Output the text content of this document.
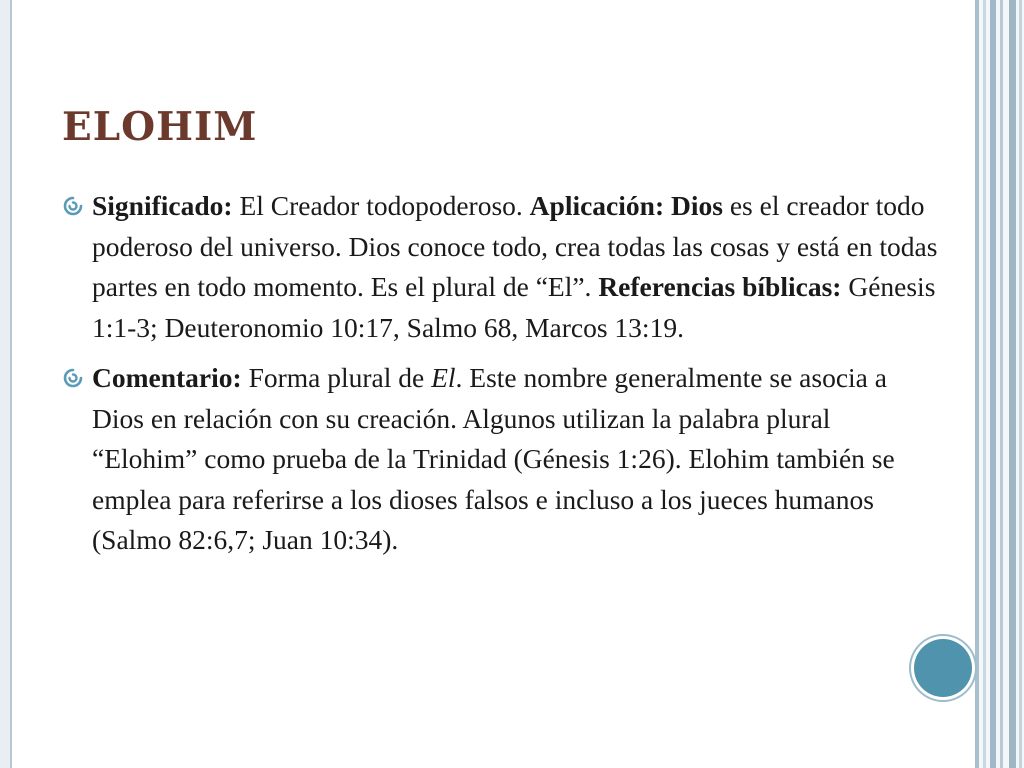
ELOHIM
Significado: El Creador todopoderoso. Aplicación: Dios es el creador todo poderoso del universo. Dios conoce todo, crea todas las cosas y está en todas partes en todo momento. Es el plural de “El”. Referencias bíblicas: Génesis 1:1-3; Deuteronomio 10:17, Salmo 68, Marcos 13:19.
Comentario: Forma plural de El. Este nombre generalmente se asocia a Dios en relación con su creación. Algunos utilizan la palabra plural “Elohim” como prueba de la Trinidad (Génesis 1:26). Elohim también se emplea para referirse a los dioses falsos e incluso a los jueces humanos (Salmo 82:6,7; Juan 10:34).
